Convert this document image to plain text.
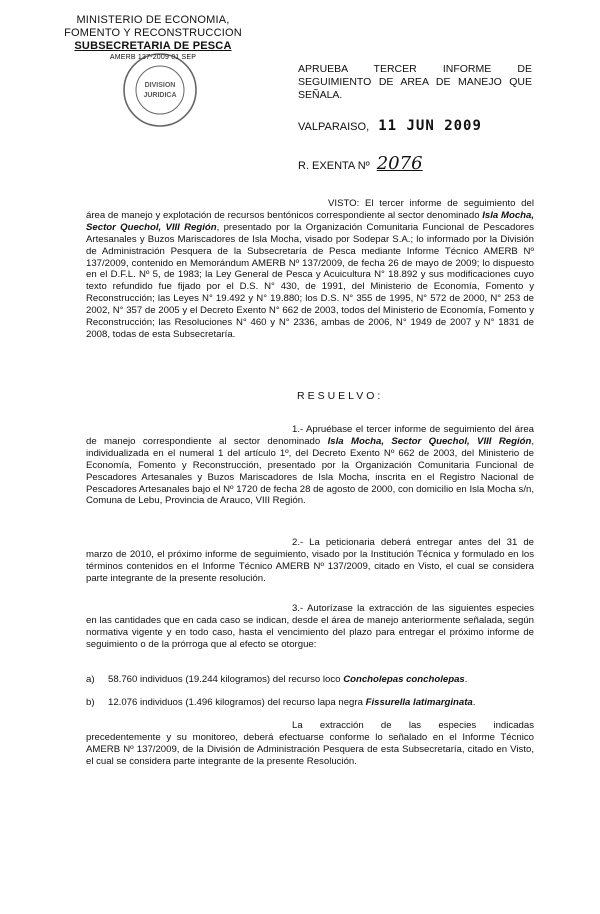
MINISTERIO DE ECONOMIA,
FOMENTO Y RECONSTRUCCION
SUBSECRETARIA DE PESCA
AMERB 137-2009 01 SEP
DIVISION
JURIDICA
APRUEBA TERCER INFORME DE
SEGUIMIENTO DE AREA DE MANEJO QUE
SEÑALA.
VALPARAISO, 11 JUN 2009
R. EXENTA Nº 2076
VISTO: El tercer informe de seguimiento del área de manejo y explotación de recursos bentónicos correspondiente al sector denominado Isla Mocha, Sector Quechol, VIII Región, presentado por la Organización Comunitaria Funcional de Pescadores Artesanales y Buzos Mariscadores de Isla Mocha, visado por Sodepar S.A.; lo informado por la División de Administración Pesquera de la Subsecretaría de Pesca mediante Informe Técnico AMERB Nº 137/2009, contenido en Memorándum AMERB Nº 137/2009, de fecha 26 de mayo de 2009; lo dispuesto en el D.F.L. Nº 5, de 1983; la Ley General de Pesca y Acuicultura N° 18.892 y sus modificaciones cuyo texto refundido fue fijado por el D.S. N° 430, de 1991, del Ministerio de Economía, Fomento y Reconstrucción; las Leyes N° 19.492 y N° 19.880; los D.S. N° 355 de 1995, N° 572 de 2000, N° 253 de 2002, N° 357 de 2005 y el Decreto Exento N° 662 de 2003, todos del Ministerio de Economía, Fomento y Reconstrucción; las Resoluciones N° 460 y N° 2336, ambas de 2006, N° 1949 de 2007 y N° 1831 de 2008, todas de esta Subsecretaría.
RESUELVO:
1.- Apruébase el tercer informe de seguimiento del área de manejo correspondiente al sector denominado Isla Mocha, Sector Quechol, VIII Región, individualizada en el numeral 1 del artículo 1º, del Decreto Exento Nº 662 de 2003, del Ministerio de Economía, Fomento y Reconstrucción, presentado por la Organización Comunitaria Funcional de Pescadores Artesanales y Buzos Mariscadores de Isla Mocha, inscrita en el Registro Nacional de Pescadores Artesanales bajo el Nº 1720 de fecha 28 de agosto de 2000, con domicilio en Isla Mocha s/n, Comuna de Lebu, Provincia de Arauco, VIII Región.
2.- La peticionaria deberá entregar antes del 31 de marzo de 2010, el próximo informe de seguimiento, visado por la Institución Técnica y formulado en los términos contenidos en el Informe Técnico AMERB Nº 137/2009, citado en Visto, el cual se considera parte integrante de la presente resolución.
3.- Autorízase la extracción de las siguientes especies en las cantidades que en cada caso se indican, desde el área de manejo anteriormente señalada, según normativa vigente y en todo caso, hasta el vencimiento del plazo para entregar el próximo informe de seguimiento o de la prórroga que al efecto se otorgue:
a) 58.760 individuos (19.244 kilogramos) del recurso loco Concholepas concholepas.
b) 12.076 individuos (1.496 kilogramos) del recurso lapa negra Fissurella latimarginata.
La extracción de las especies indicadas precedentemente y su monitoreo, deberá efectuarse conforme lo señalado en el Informe Técnico AMERB Nº 137/2009, de la División de Administración Pesquera de esta Subsecretaría, citado en Visto, el cual se considera parte integrante de la presente Resolución.
